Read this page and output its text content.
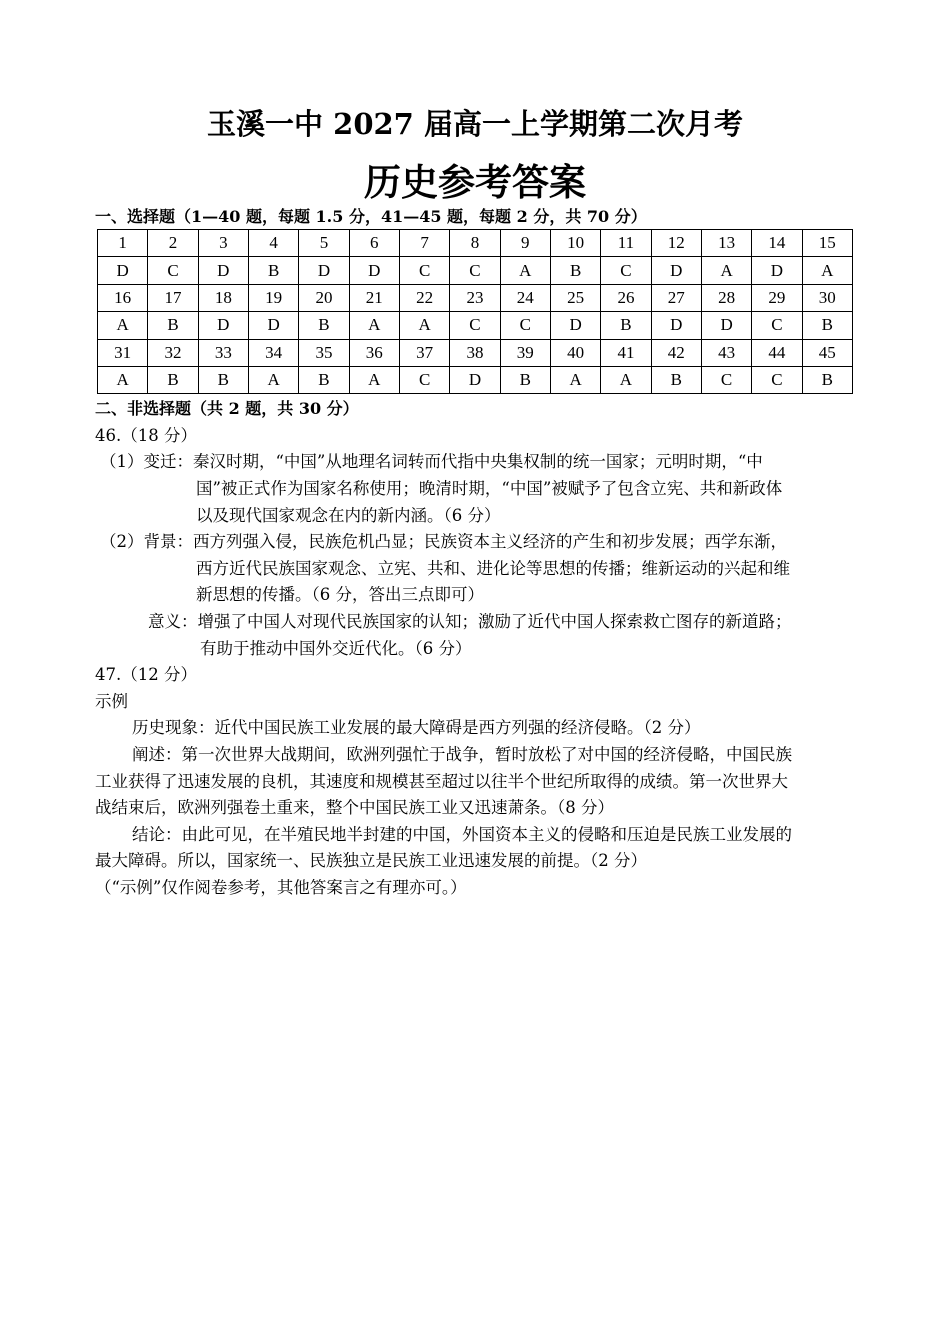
玉溪一中 2027 届高一上学期第二次月考
历史参考答案
一、选择题（1—40 题，每题 1.5 分，41—45 题，每题 2 分，共 70 分）
1	2	3	4	5	6	7	8	9	10	11	12	13	14	15
D	C	D	B	D	D	C	C	A	B	C	D	A	D	A
16	17	18	19	20	21	22	23	24	25	26	27	28	29	30
A	B	D	D	B	A	A	C	C	D	B	D	D	C	B
31	32	33	34	35	36	37	38	39	40	41	42	43	44	45
A	B	B	A	B	A	C	D	B	A	A	B	C	C	B
二、非选择题（共 2 题，共 30 分）
46.（18 分）
（1）变迁：秦汉时期，“中国”从地理名词转而代指中央集权制的统一国家；元明时期，“中
国”被正式作为国家名称使用；晚清时期，“中国”被赋予了包含立宪、共和新政体
以及现代国家观念在内的新内涵。（6 分）
（2）背景：西方列强入侵，民族危机凸显；民族资本主义经济的产生和初步发展；西学东渐，
西方近代民族国家观念、立宪、共和、进化论等思想的传播；维新运动的兴起和维
新思想的传播。（6 分，答出三点即可）
意义：增强了中国人对现代民族国家的认知；激励了近代中国人探索救亡图存的新道路；
有助于推动中国外交近代化。（6 分）
47.（12 分）
示例
历史现象：近代中国民族工业发展的最大障碍是西方列强的经济侵略。（2 分）
阐述：第一次世界大战期间，欧洲列强忙于战争，暂时放松了对中国的经济侵略，中国民族
工业获得了迅速发展的良机，其速度和规模甚至超过以往半个世纪所取得的成绩。第一次世界大
战结束后，欧洲列强卷土重来，整个中国民族工业又迅速萧条。（8 分）
结论：由此可见，在半殖民地半封建的中国，外国资本主义的侵略和压迫是民族工业发展的
最大障碍。所以，国家统一、民族独立是民族工业迅速发展的前提。（2 分）
（“示例”仅作阅卷参考，其他答案言之有理亦可。）
